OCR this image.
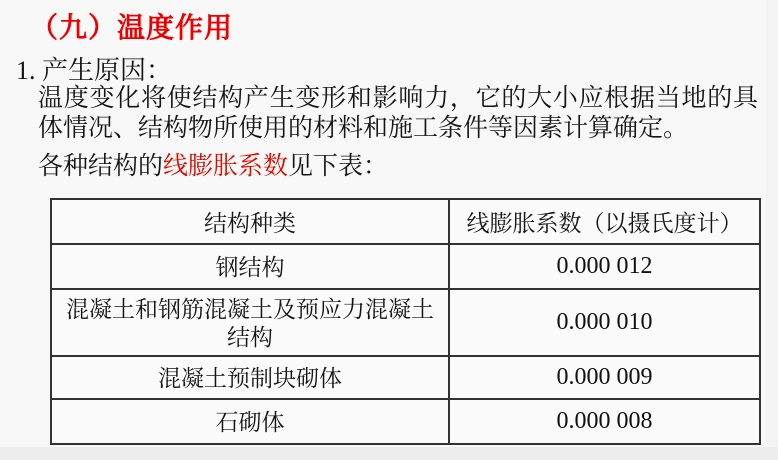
（九）温度作用
1. 产生原因：

温度变化将使结构产生变形和影响力，它的大小应根据当地的具体情况、结构物所使用的材料和施工条件等因素计算确定。

各种结构的线膨胀系数见下表：
结构种类	线膨胀系数（以摄氏度计）
钢结构	0.000 012
混凝土和钢筋混凝土及预应力混凝土结构	0.000 010
混凝土预制块砌体	0.000 009
石砌体	0.000 008
